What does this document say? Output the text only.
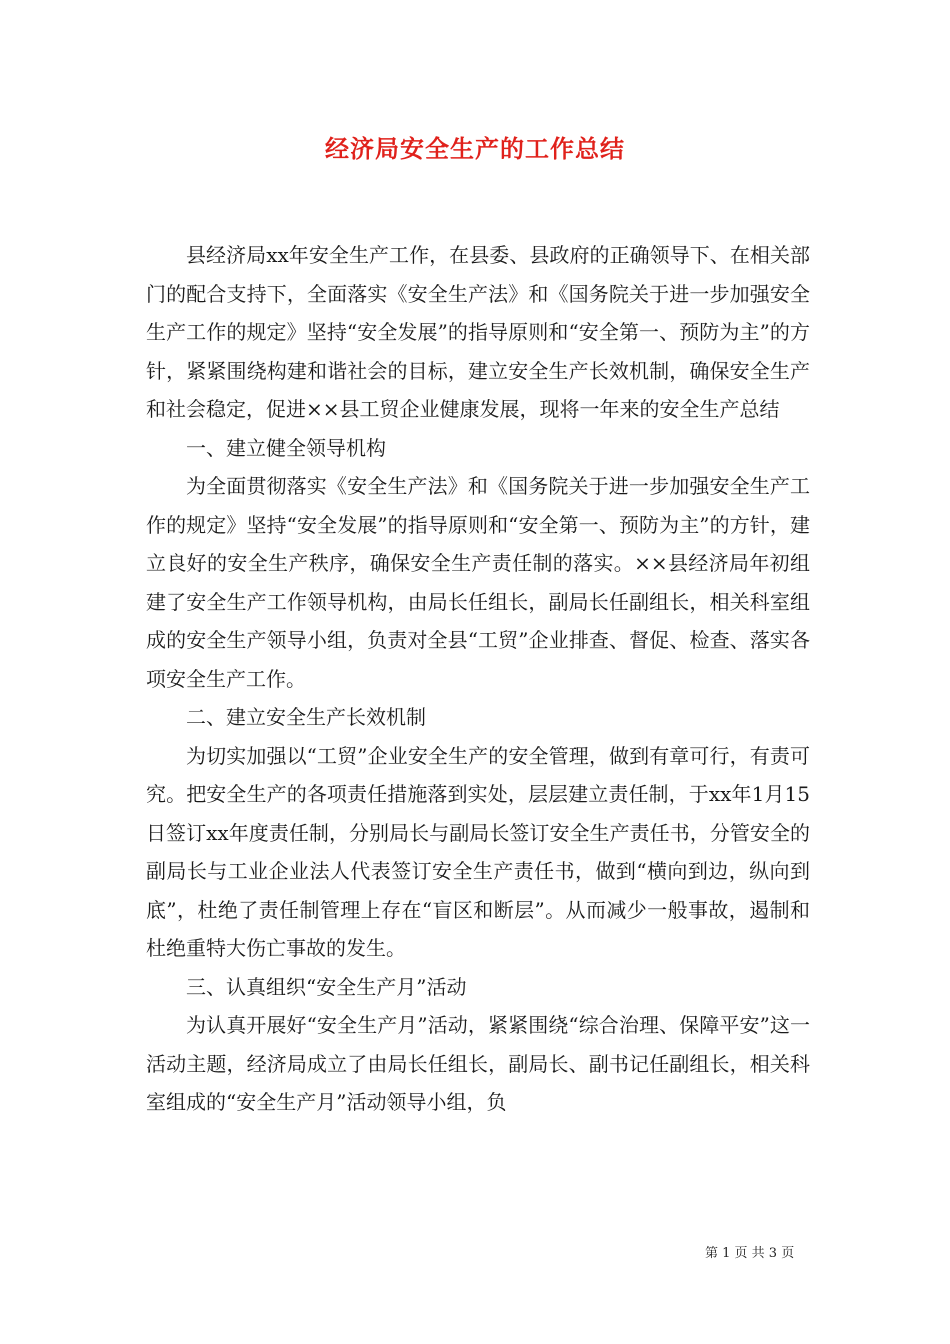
经济局安全生产的工作总结

县经济局xx年安全生产工作，在县委、县政府的正确领导下、在相关部门的配合支持下，全面落实《安全生产法》和《国务院关于进一步加强安全生产工作的规定》坚持“安全发展”的指导原则和“安全第一、预防为主”的方针，紧紧围绕构建和谐社会的目标，建立安全生产长效机制，确保安全生产和社会稳定，促进××县工贸企业健康发展，现将一年来的安全生产总结

一、建立健全领导机构

为全面贯彻落实《安全生产法》和《国务院关于进一步加强安全生产工作的规定》坚持“安全发展”的指导原则和“安全第一、预防为主”的方针，建立良好的安全生产秩序，确保安全生产责任制的落实。××县经济局年初组建了安全生产工作领导机构，由局长任组长，副局长任副组长，相关科室组成的安全生产领导小组，负责对全县“工贸”企业排查、督促、检查、落实各项安全生产工作。

二、建立安全生产长效机制

为切实加强以“工贸”企业安全生产的安全管理，做到有章可行，有责可究。把安全生产的各项责任措施落到实处，层层建立责任制，于xx年1月15日签订xx年度责任制，分别局长与副局长签订安全生产责任书，分管安全的副局长与工业企业法人代表签订安全生产责任书，做到“横向到边，纵向到底”，杜绝了责任制管理上存在“盲区和断层”。从而减少一般事故，遏制和杜绝重特大伤亡事故的发生。

三、认真组织“安全生产月”活动

为认真开展好“安全生产月”活动，紧紧围绕“综合治理、保障平安”这一活动主题，经济局成立了由局长任组长，副局长、副书记任副组长，相关科室组成的“安全生产月”活动领导小组，负

第 1 页 共 3 页
